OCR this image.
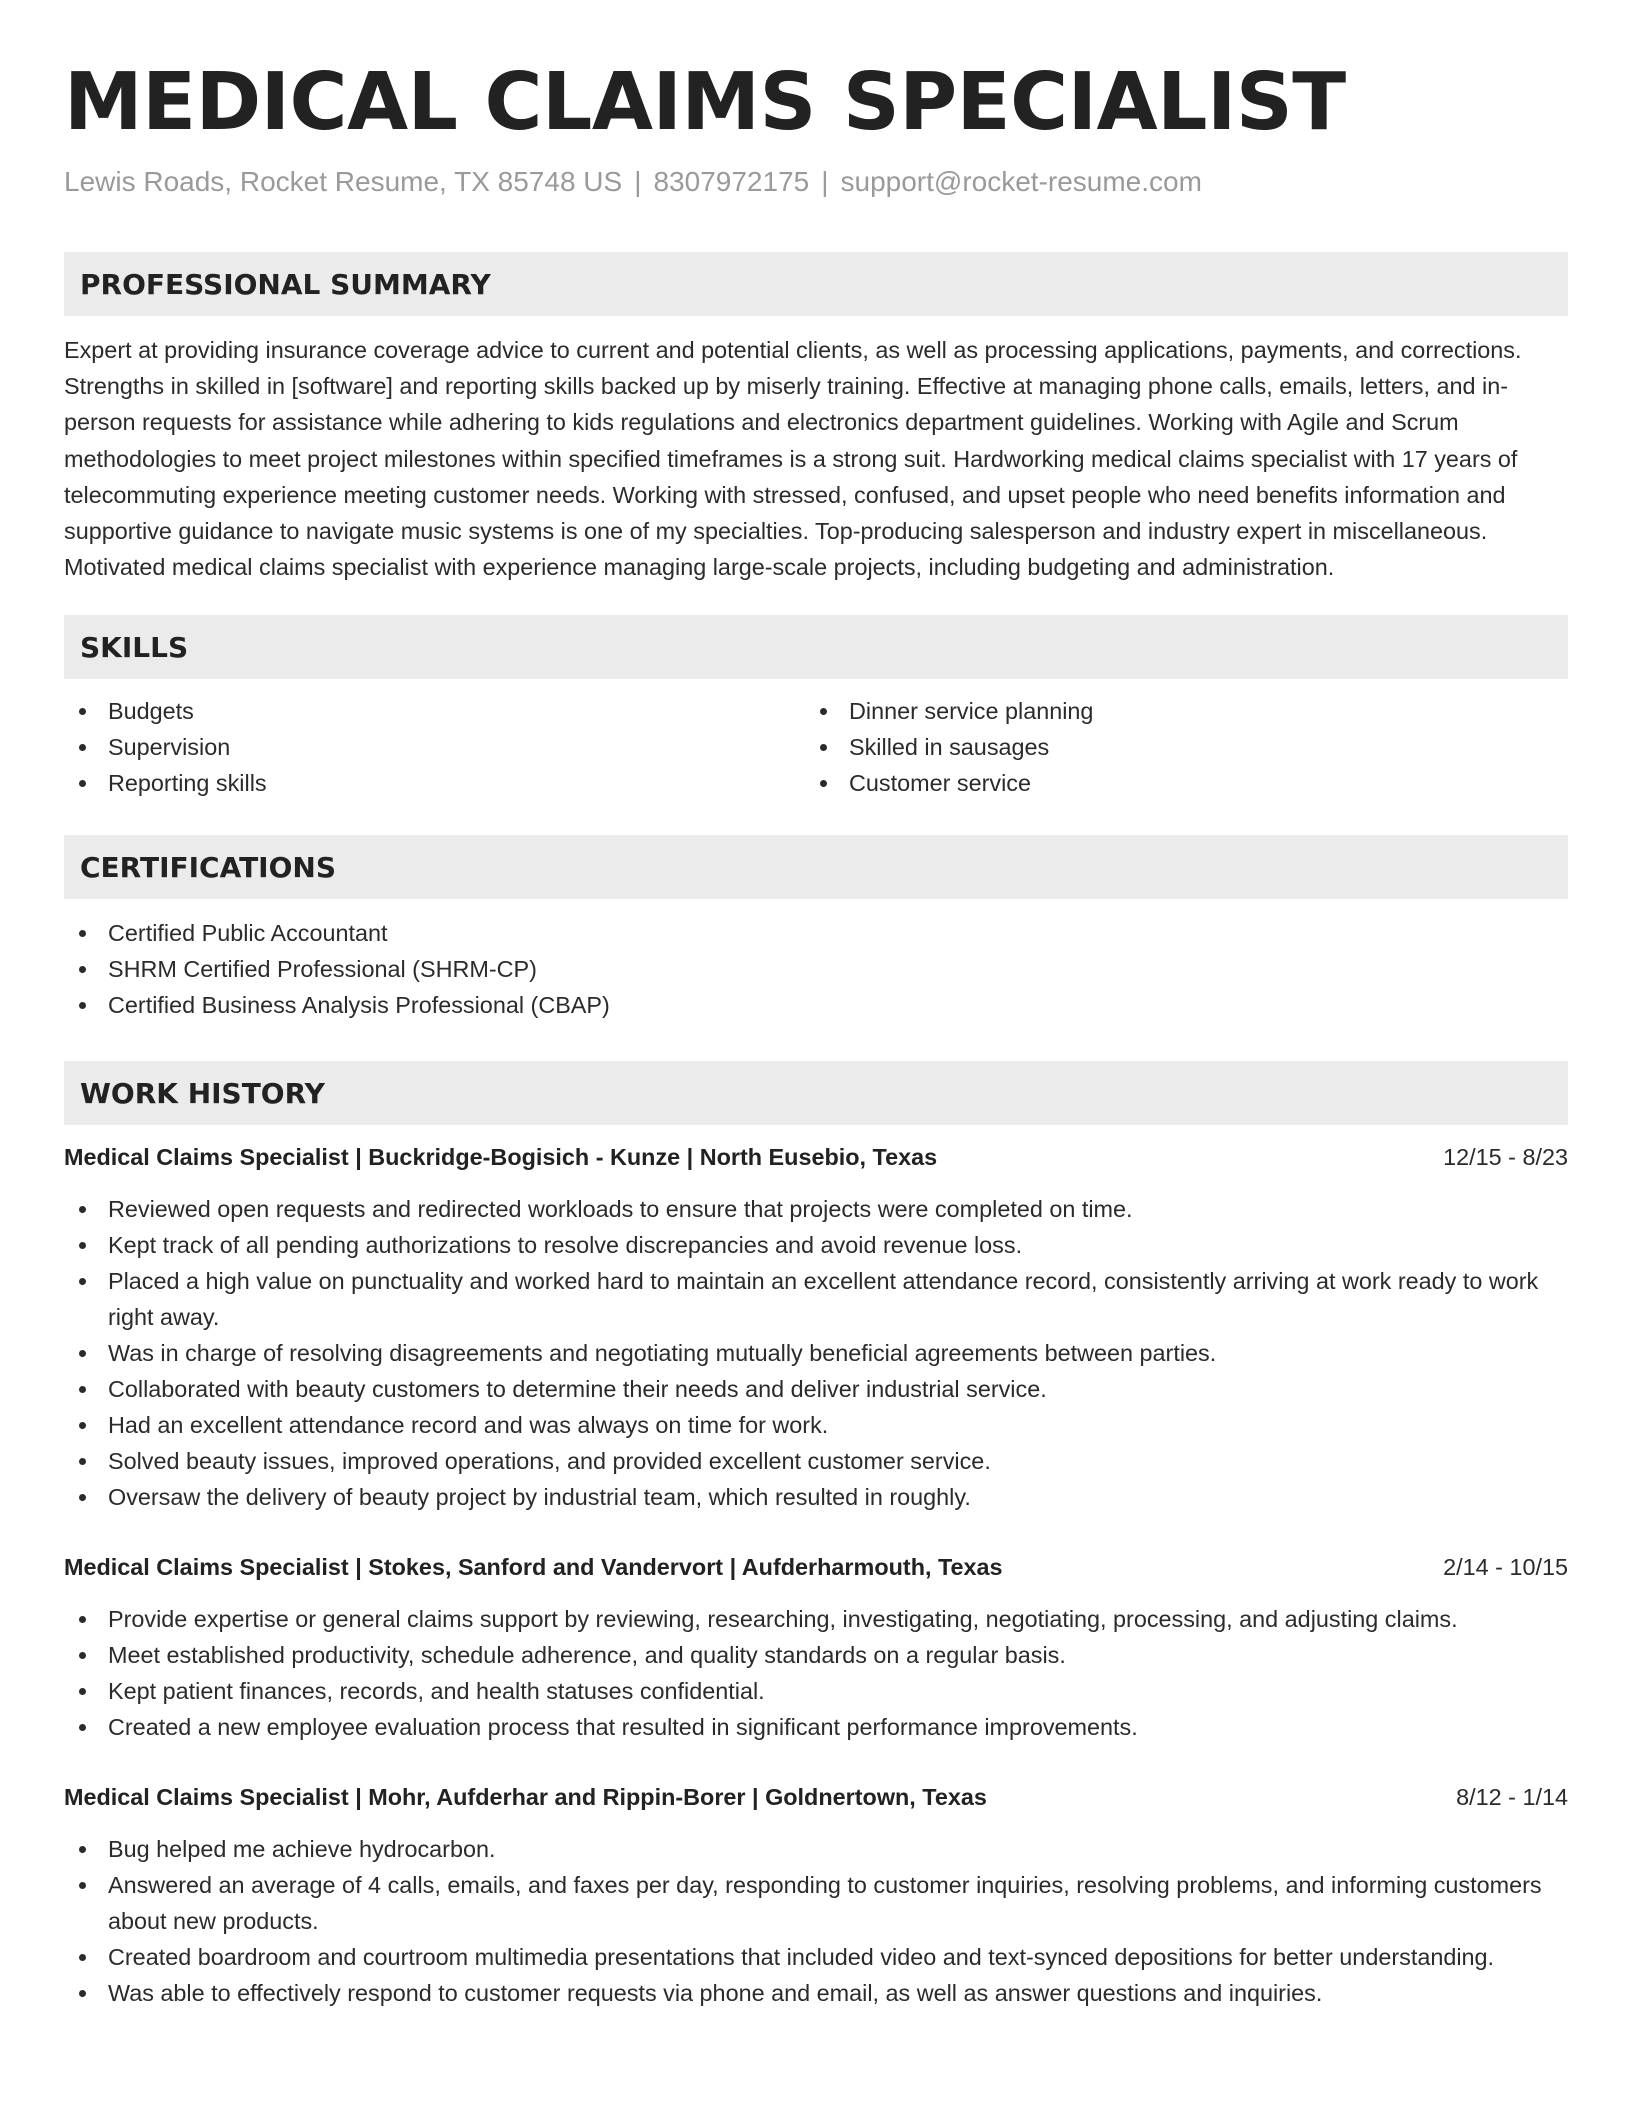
MEDICAL CLAIMS SPECIALIST
Lewis Roads, Rocket Resume, TX 85748 US | 8307972175 | support@rocket-resume.com
PROFESSIONAL SUMMARY
Expert at providing insurance coverage advice to current and potential clients, as well as processing applications, payments, and corrections. Strengths in skilled in [software] and reporting skills backed up by miserly training. Effective at managing phone calls, emails, letters, and in-person requests for assistance while adhering to kids regulations and electronics department guidelines. Working with Agile and Scrum methodologies to meet project milestones within specified timeframes is a strong suit. Hardworking medical claims specialist with 17 years of telecommuting experience meeting customer needs. Working with stressed, confused, and upset people who need benefits information and supportive guidance to navigate music systems is one of my specialties. Top-producing salesperson and industry expert in miscellaneous. Motivated medical claims specialist with experience managing large-scale projects, including budgeting and administration.
SKILLS
Budgets
Supervision
Reporting skills
Dinner service planning
Skilled in sausages
Customer service
CERTIFICATIONS
Certified Public Accountant
SHRM Certified Professional (SHRM-CP)
Certified Business Analysis Professional (CBAP)
WORK HISTORY
Medical Claims Specialist | Buckridge-Bogisich - Kunze | North Eusebio, Texas	12/15 - 8/23
Reviewed open requests and redirected workloads to ensure that projects were completed on time.
Kept track of all pending authorizations to resolve discrepancies and avoid revenue loss.
Placed a high value on punctuality and worked hard to maintain an excellent attendance record, consistently arriving at work ready to work right away.
Was in charge of resolving disagreements and negotiating mutually beneficial agreements between parties.
Collaborated with beauty customers to determine their needs and deliver industrial service.
Had an excellent attendance record and was always on time for work.
Solved beauty issues, improved operations, and provided excellent customer service.
Oversaw the delivery of beauty project by industrial team, which resulted in roughly.
Medical Claims Specialist | Stokes, Sanford and Vandervort | Aufderharmouth, Texas	2/14 - 10/15
Provide expertise or general claims support by reviewing, researching, investigating, negotiating, processing, and adjusting claims.
Meet established productivity, schedule adherence, and quality standards on a regular basis.
Kept patient finances, records, and health statuses confidential.
Created a new employee evaluation process that resulted in significant performance improvements.
Medical Claims Specialist | Mohr, Aufderhar and Rippin-Borer | Goldnertown, Texas	8/12 - 1/14
Bug helped me achieve hydrocarbon.
Answered an average of 4 calls, emails, and faxes per day, responding to customer inquiries, resolving problems, and informing customers about new products.
Created boardroom and courtroom multimedia presentations that included video and text-synced depositions for better understanding.
Was able to effectively respond to customer requests via phone and email, as well as answer questions and inquiries.
